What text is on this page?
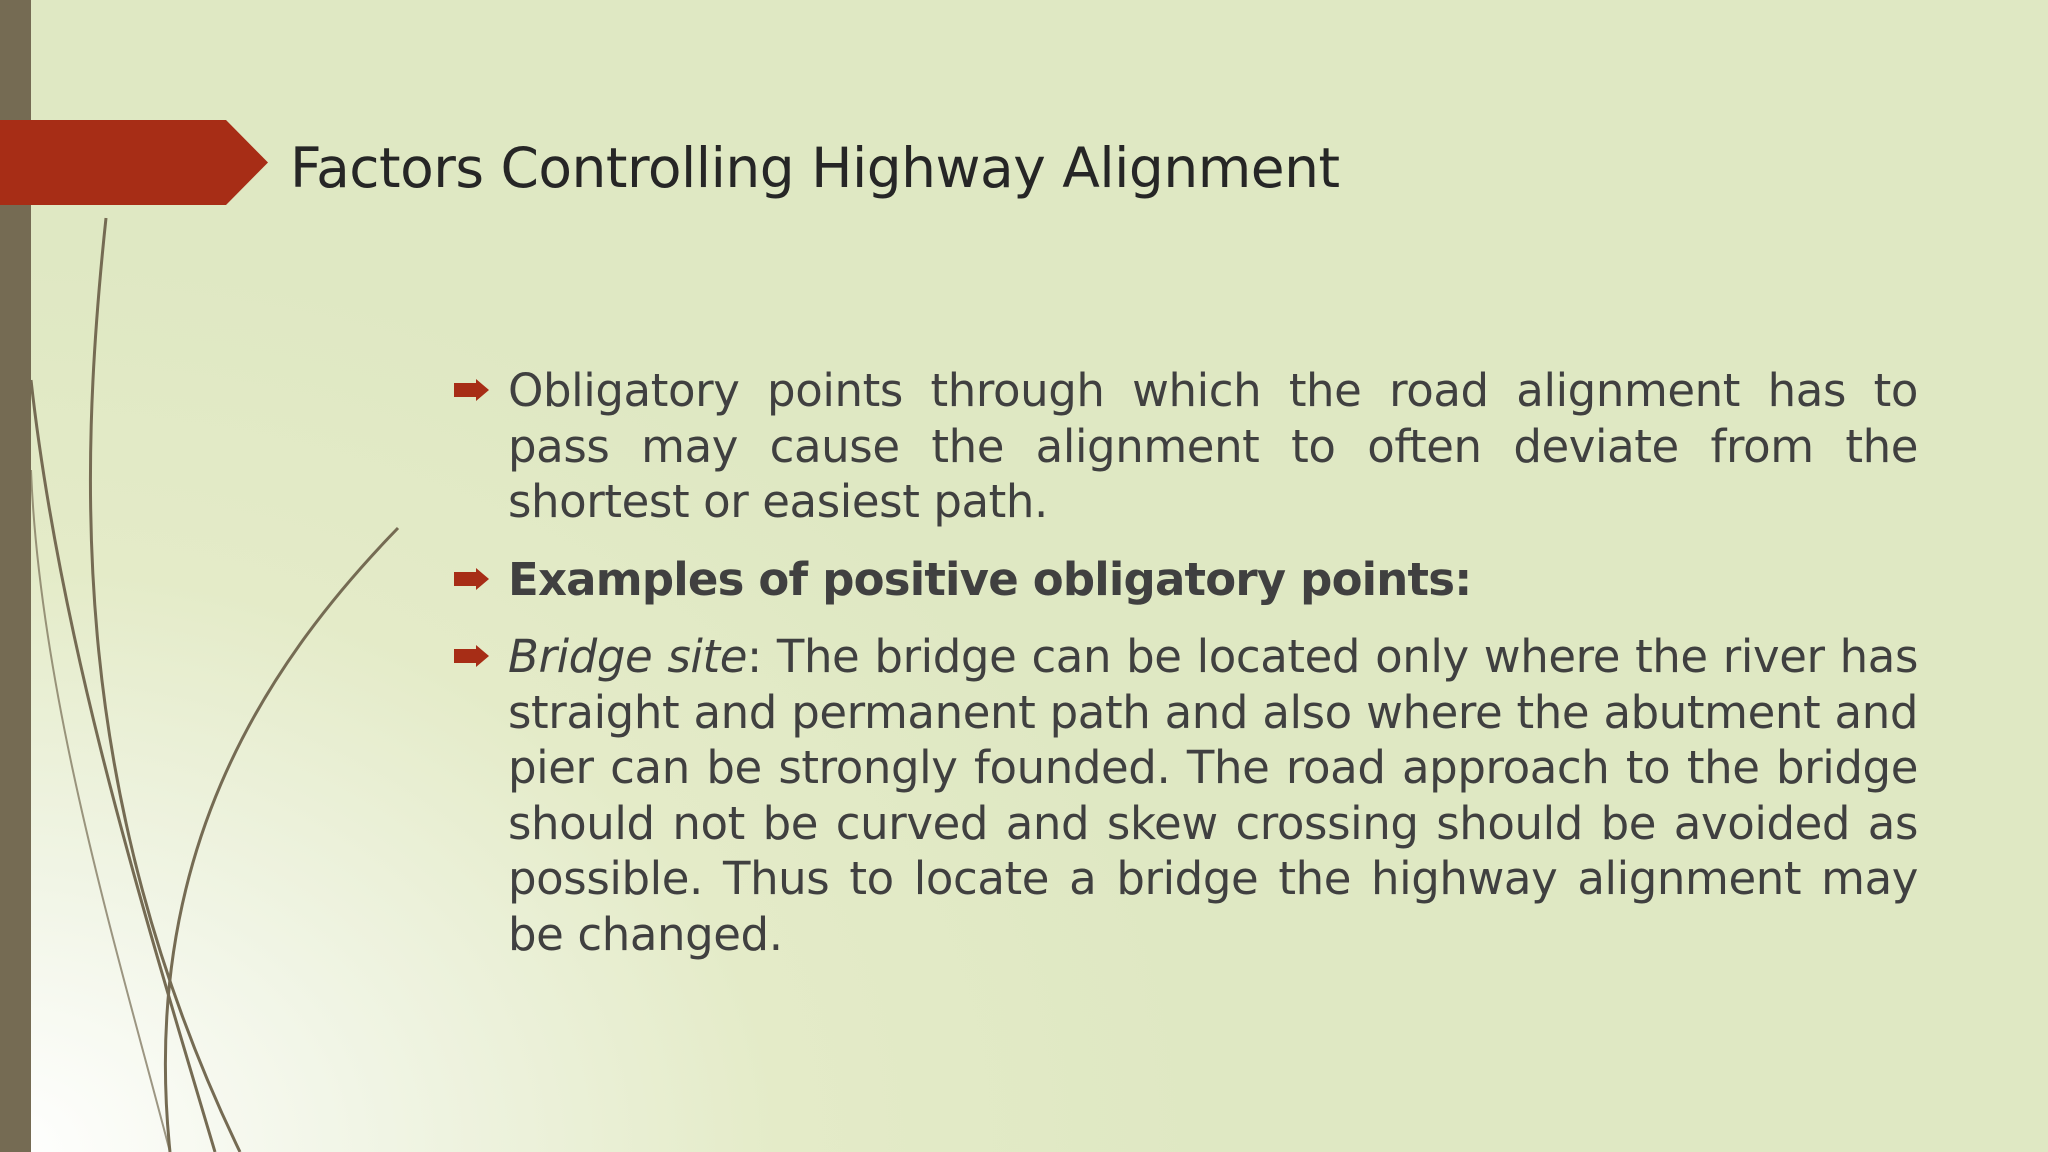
Factors Controlling Highway Alignment
Obligatory points through which the road alignment has to pass may cause the alignment to often deviate from the shortest or easiest path.
Examples of positive obligatory points:
Bridge site: The bridge can be located only where the river has straight and permanent path and also where the abutment and pier can be strongly founded. The road approach to the bridge should not be curved and skew crossing should be avoided as possible. Thus to locate a bridge the highway alignment may be changed.
